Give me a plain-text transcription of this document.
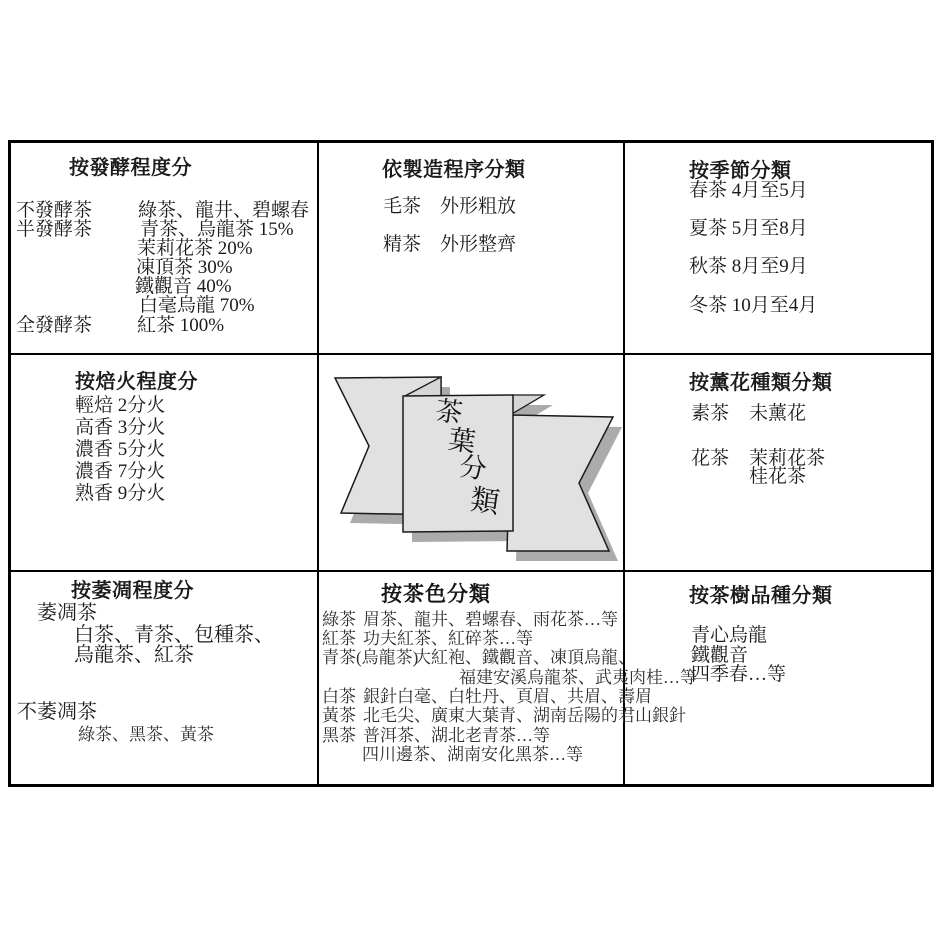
按發酵程度分
不發酵茶
半發酵茶
全發酵茶
綠茶、龍井、碧螺春
青茶、烏龍茶 15%
茉莉花茶 20%
凍頂茶 30%
鐵觀音 40%
白毫烏龍 70%
紅茶 100%
依製造程序分類
毛茶　外形粗放
精茶　外形整齊
按季節分類
春茶 4月至5月
夏茶 5月至8月
秋茶 8月至9月
冬茶 10月至4月
按焙火程度分
輕焙 2分火
高香 3分火
濃香 5分火
濃香 7分火
熟香 9分火
茶
葉
分
類
按薰花種類分類
素茶 未薰花
花茶 茉莉花茶
桂花茶
按萎凋程度分
萎凋茶
白茶、青茶、包種茶、
烏龍茶、紅茶
不萎凋茶
綠茶、黑茶、黃茶
按茶色分類
綠茶 眉茶、龍井、碧螺春、雨花茶…等
紅茶 功夫紅茶、紅碎茶…等
青茶(烏龍茶)
大紅袍、鐵觀音、凍頂烏龍、
福建安溪烏龍茶、武夷肉桂…等
白茶 銀針白毫、白牡丹、頁眉、共眉、壽眉
黃茶 北毛尖、廣東大葉青、湖南岳陽的君山銀針
黑茶 普洱茶、湖北老青茶…等
四川邊茶、湖南安化黑茶…等
按茶樹品種分類
青心烏龍
鐵觀音
四季春…等
